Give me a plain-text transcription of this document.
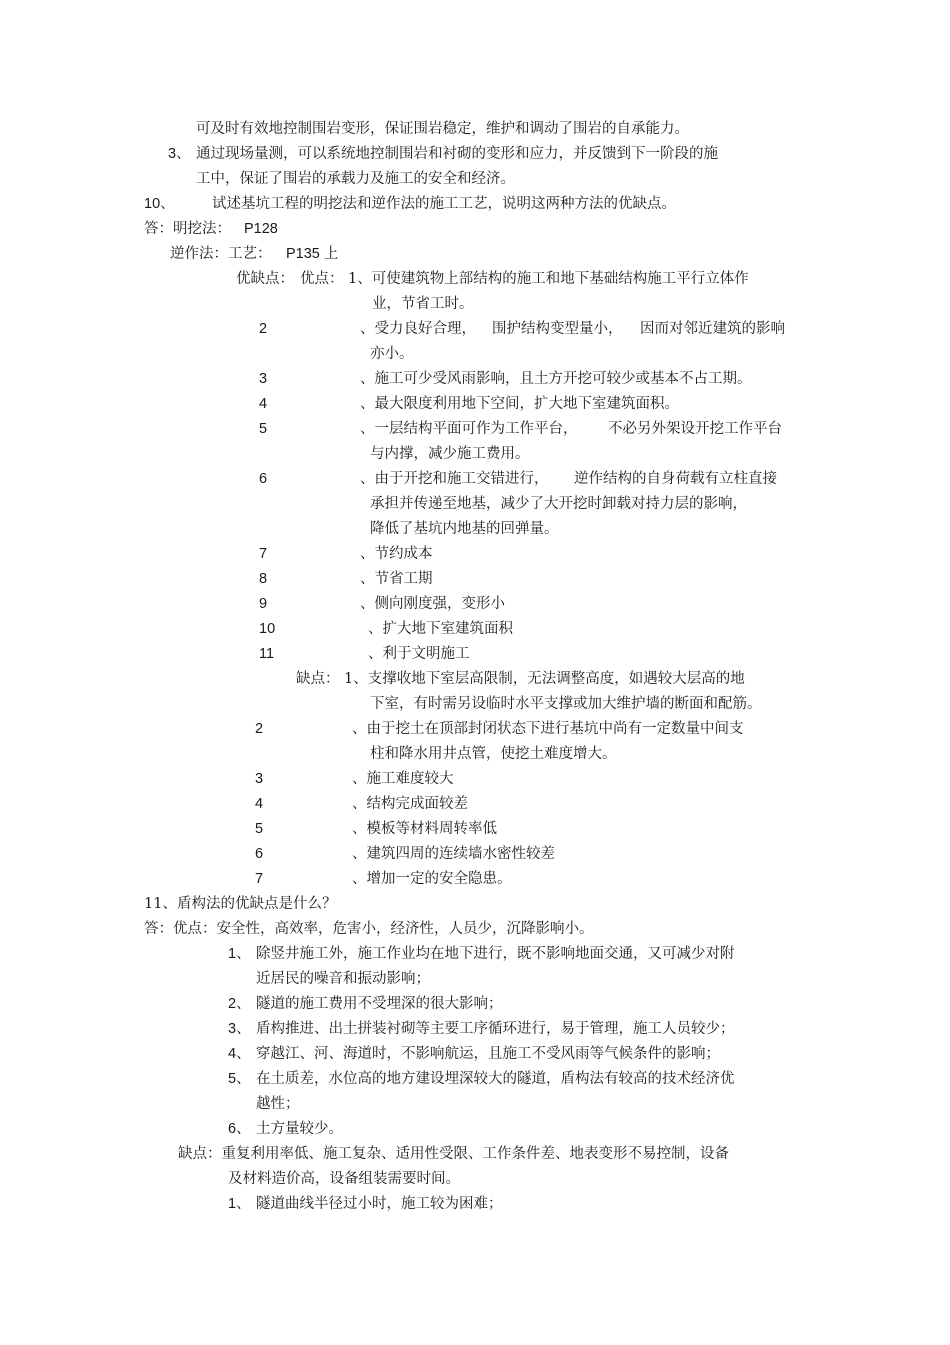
可及时有效地控制围岩变形，保证围岩稳定，维护和调动了围岩的自承能力。
3、 通过现场量测，可以系统地控制围岩和衬砌的变形和应力，并反馈到下一阶段的施
工中，保证了围岩的承载力及施工的安全和经济。
10、	试述基坑工程的明挖法和逆作法的施工工艺，说明这两种方法的优缺点。
答：明挖法： P128
逆作法：工艺： P135 上
优缺点： 优点： 1、可使建筑物上部结构的施工和地下基础结构施工平行立体作
业，节省工时。
2	、受力良好合理， 围护结构变型量小， 因而对邻近建筑的影响
亦小。
3	、施工可少受风雨影响，且土方开挖可较少或基本不占工期。
4	、最大限度利用地下空间，扩大地下室建筑面积。
5	、一层结构平面可作为工作平台， 不必另外架设开挖工作平台
与内撑，减少施工费用。
6	、由于开挖和施工交错进行， 逆作结构的自身荷载有立柱直接
承担并传递至地基，减少了大开挖时卸载对持力层的影响，
降低了基坑内地基的回弹量。
7	、节约成本
8	、节省工期
9	、侧向刚度强，变形小
10	、扩大地下室建筑面积
11	、利于文明施工
缺点： 1、支撑收地下室层高限制，无法调整高度，如遇较大层高的地
下室，有时需另设临时水平支撑或加大维护墙的断面和配筋。
2	、由于挖土在顶部封闭状态下进行基坑中尚有一定数量中间支
柱和降水用井点管，使挖土难度增大。
3	、施工难度较大
4	、结构完成面较差
5	、模板等材料周转率低
6	、建筑四周的连续墙水密性较差
7	、增加一定的安全隐患。
11、盾构法的优缺点是什么？
答：优点：安全性，高效率，危害小，经济性，人员少，沉降影响小。
1、 除竖井施工外，施工作业均在地下进行，既不影响地面交通，又可减少对附
近居民的噪音和振动影响；
2、 隧道的施工费用不受埋深的很大影响；
3、 盾构推进、出土拼装衬砌等主要工序循环进行，易于管理，施工人员较少；
4、 穿越江、河、海道时，不影响航运，且施工不受风雨等气候条件的影响；
5、 在土质差，水位高的地方建设埋深较大的隧道，盾构法有较高的技术经济优
越性；
6、 土方量较少。
缺点：重复利用率低、施工复杂、适用性受限、工作条件差、地表变形不易控制，设备
及材料造价高，设备组装需要时间。
1、 隧道曲线半径过小时，施工较为困难；
